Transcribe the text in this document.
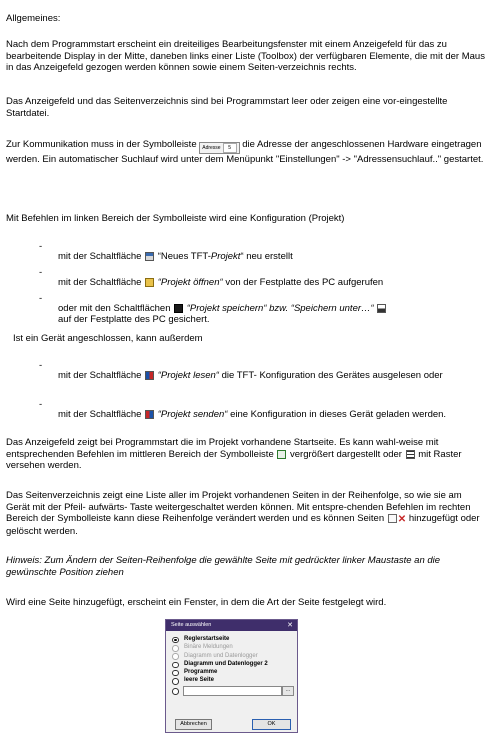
Allgemeines:

Nach dem Programmstart erscheint ein dreiteiliges Bearbeitungsfenster mit einem Anzeigefeld für das zu bearbeitende Display in der Mitte, daneben links einer Liste (Toolbox) der verfügbaren Elemente, die mit der Maus in das Anzeigefeld gezogen werden können sowie einem Seiten-verzeichnis rechts.

Das Anzeigefeld und das Seitenverzeichnis sind bei Programmstart leer oder zeigen eine vor-eingestellte Startdatei.

Zur Kommunikation muss in der Symbolleiste Adresse 5 die Adresse der angeschlossenen Hardware eingetragen werden. Ein automatischer Suchlauf wird unter dem Menüpunkt "Einstellungen" -> "Adressensuchlauf.." gestartet.

Mit Befehlen im linken Bereich der Symbolleiste wird eine Konfiguration (Projekt)

-

mit der Schaltfläche “Neues TFT-Projekt“ neu erstellt

-

mit der Schaltfläche “Projekt öffnen“ von der Festplatte des PC aufgerufen

-

oder mit den Schaltflächen “Projekt speichern“ bzw. “Speichern unter…“
auf der Festplatte des PC gesichert.

Ist ein Gerät angeschlossen, kann außerdem

-

mit der Schaltfläche “Projekt lesen“ die TFT- Konfiguration des Gerätes ausgelesen oder

-

mit der Schaltfläche “Projekt senden“ eine Konfiguration in dieses Gerät geladen werden.

Das Anzeigefeld zeigt bei Programmstart die im Projekt vorhandene Startseite. Es kann wahl-weise mit entsprechenden Befehlen im mittleren Bereich der Symbolleiste vergrößert dargestellt oder mit Raster versehen werden.

Das Seitenverzeichnis zeigt eine Liste aller im Projekt vorhandenen Seiten in der Reihenfolge, so wie sie am Gerät mit der Pfeil- aufwärts- Taste weitergeschaltet werden können. Mit entspre-chenden Befehlen im rechten Bereich der Symbolleiste kann diese Reihenfolge verändert werden und es können Seiten ✕ hinzugefügt oder gelöscht werden.

Hinweis: Zum Ändern der Seiten-Reihenfolge die gewählte Seite mit gedrückter linker Maustaste an die gewünschte Position ziehen

Wird eine Seite hinzugefügt, erscheint ein Fenster, in dem die Art der Seite festgelegt wird.

Seite auswählen	✕
Reglerstartseite
Binäre Meldungen
Diagramm und Datenlogger
Diagramm und Datenlogger 2
Programme
leere Seite
...
Abbrechen	OK
